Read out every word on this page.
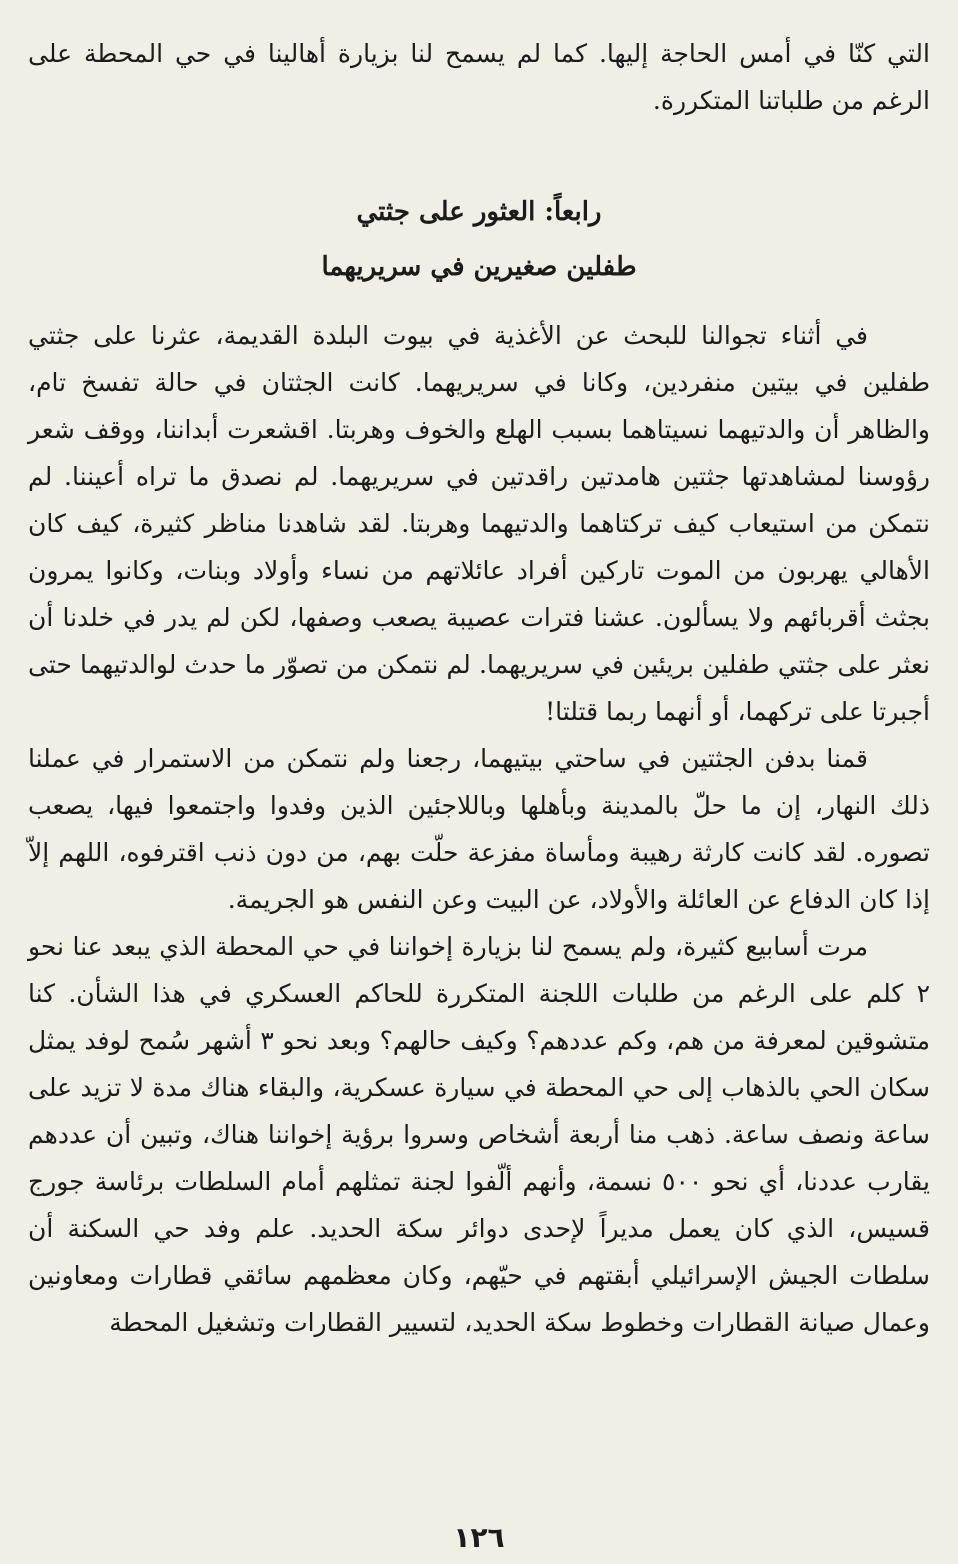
التي كنّا في أمس الحاجة إليها. كما لم يسمح لنا بزيارة أهالينا في حي المحطة على الرغم من طلباتنا المتكررة.

رابعاً: العثور على جثتي
طفلين صغيرين في سريريهما

في أثناء تجوالنا للبحث عن الأغذية في بيوت البلدة القديمة، عثرنا على جثتي طفلين في بيتين منفردين، وكانا في سريريهما. كانت الجثتان في حالة تفسخ تام، والظاهر أن والدتيهما نسيتاهما بسبب الهلع والخوف وهربتا. اقشعرت أبداننا، ووقف شعر رؤوسنا لمشاهدتها جثتين هامدتين راقدتين في سريريهما. لم نصدق ما تراه أعيننا. لم نتمكن من استيعاب كيف تركتاهما والدتيهما وهربتا. لقد شاهدنا مناظر كثيرة، كيف كان الأهالي يهربون من الموت تاركين أفراد عائلاتهم من نساء وأولاد وبنات، وكانوا يمرون بجثث أقربائهم ولا يسألون. عشنا فترات عصيبة يصعب وصفها، لكن لم يدر في خلدنا أن نعثر على جثتي طفلين بريئين في سريريهما. لم نتمكن من تصوّر ما حدث لوالدتيهما حتى أجبرتا على تركهما، أو أنهما ربما قتلتا!

قمنا بدفن الجثتين في ساحتي بيتيهما، رجعنا ولم نتمكن من الاستمرار في عملنا ذلك النهار، إن ما حلّ بالمدينة وبأهلها وباللاجئين الذين وفدوا واجتمعوا فيها، يصعب تصوره. لقد كانت كارثة رهيبة ومأساة مفزعة حلّت بهم، من دون ذنب اقترفوه، اللهم إلاّ إذا كان الدفاع عن العائلة والأولاد، عن البيت وعن النفس هو الجريمة.

مرت أسابيع كثيرة، ولم يسمح لنا بزيارة إخواننا في حي المحطة الذي يبعد عنا نحو ٢ كلم على الرغم من طلبات اللجنة المتكررة للحاكم العسكري في هذا الشأن. كنا متشوقين لمعرفة من هم، وكم عددهم؟ وكيف حالهم؟ وبعد نحو ٣ أشهر سُمح لوفد يمثل سكان الحي بالذهاب إلى حي المحطة في سيارة عسكرية، والبقاء هناك مدة لا تزيد على ساعة ونصف ساعة. ذهب منا أربعة أشخاص وسروا برؤية إخواننا هناك، وتبين أن عددهم يقارب عددنا، أي نحو ٥٠٠ نسمة، وأنهم ألّفوا لجنة تمثلهم أمام السلطات برئاسة جورج قسيس، الذي كان يعمل مديراً لإحدى دوائر سكة الحديد. علم وفد حي السكنة أن سلطات الجيش الإسرائيلي أبقتهم في حيّهم، وكان معظمهم سائقي قطارات ومعاونين وعمال صيانة القطارات وخطوط سكة الحديد، لتسيير القطارات وتشغيل المحطة

١٢٦
